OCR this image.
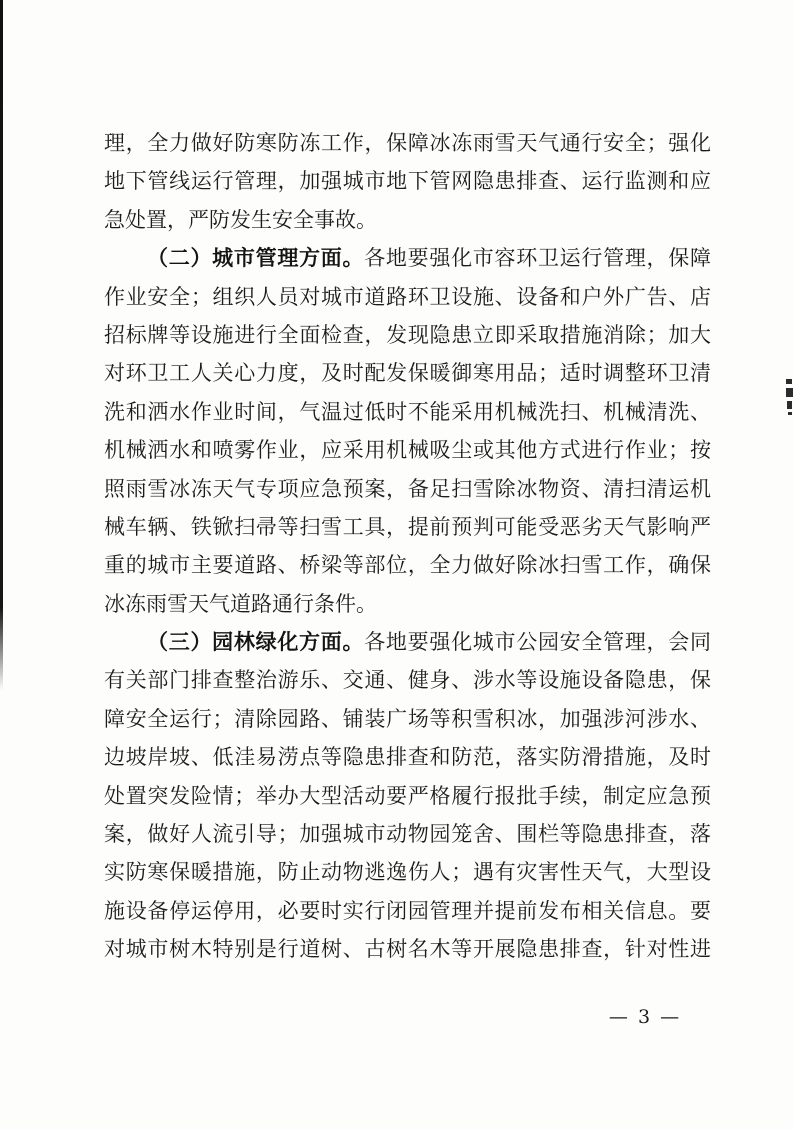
理，全力做好防寒防冻工作，保障冰冻雨雪天气通行安全；强化
地下管线运行管理，加强城市地下管网隐患排查、运行监测和应
急处置，严防发生安全事故。
（二）城市管理方面。各地要强化市容环卫运行管理，保障
作业安全；组织人员对城市道路环卫设施、设备和户外广告、店
招标牌等设施进行全面检查，发现隐患立即采取措施消除；加大
对环卫工人关心力度，及时配发保暖御寒用品；适时调整环卫清
洗和洒水作业时间，气温过低时不能采用机械洗扫、机械清洗、
机械洒水和喷雾作业，应采用机械吸尘或其他方式进行作业；按
照雨雪冰冻天气专项应急预案，备足扫雪除冰物资、清扫清运机
械车辆、铁锨扫帚等扫雪工具，提前预判可能受恶劣天气影响严
重的城市主要道路、桥梁等部位，全力做好除冰扫雪工作，确保
冰冻雨雪天气道路通行条件。
（三）园林绿化方面。各地要强化城市公园安全管理，会同
有关部门排查整治游乐、交通、健身、涉水等设施设备隐患，保
障安全运行；清除园路、铺装广场等积雪积冰，加强涉河涉水、
边坡岸坡、低洼易涝点等隐患排查和防范，落实防滑措施，及时
处置突发险情；举办大型活动要严格履行报批手续，制定应急预
案，做好人流引导；加强城市动物园笼舍、围栏等隐患排查，落
实防寒保暖措施，防止动物逃逸伤人；遇有灾害性天气，大型设
施设备停运停用，必要时实行闭园管理并提前发布相关信息。要
对城市树木特别是行道树、古树名木等开展隐患排查，针对性进
— 3 —
